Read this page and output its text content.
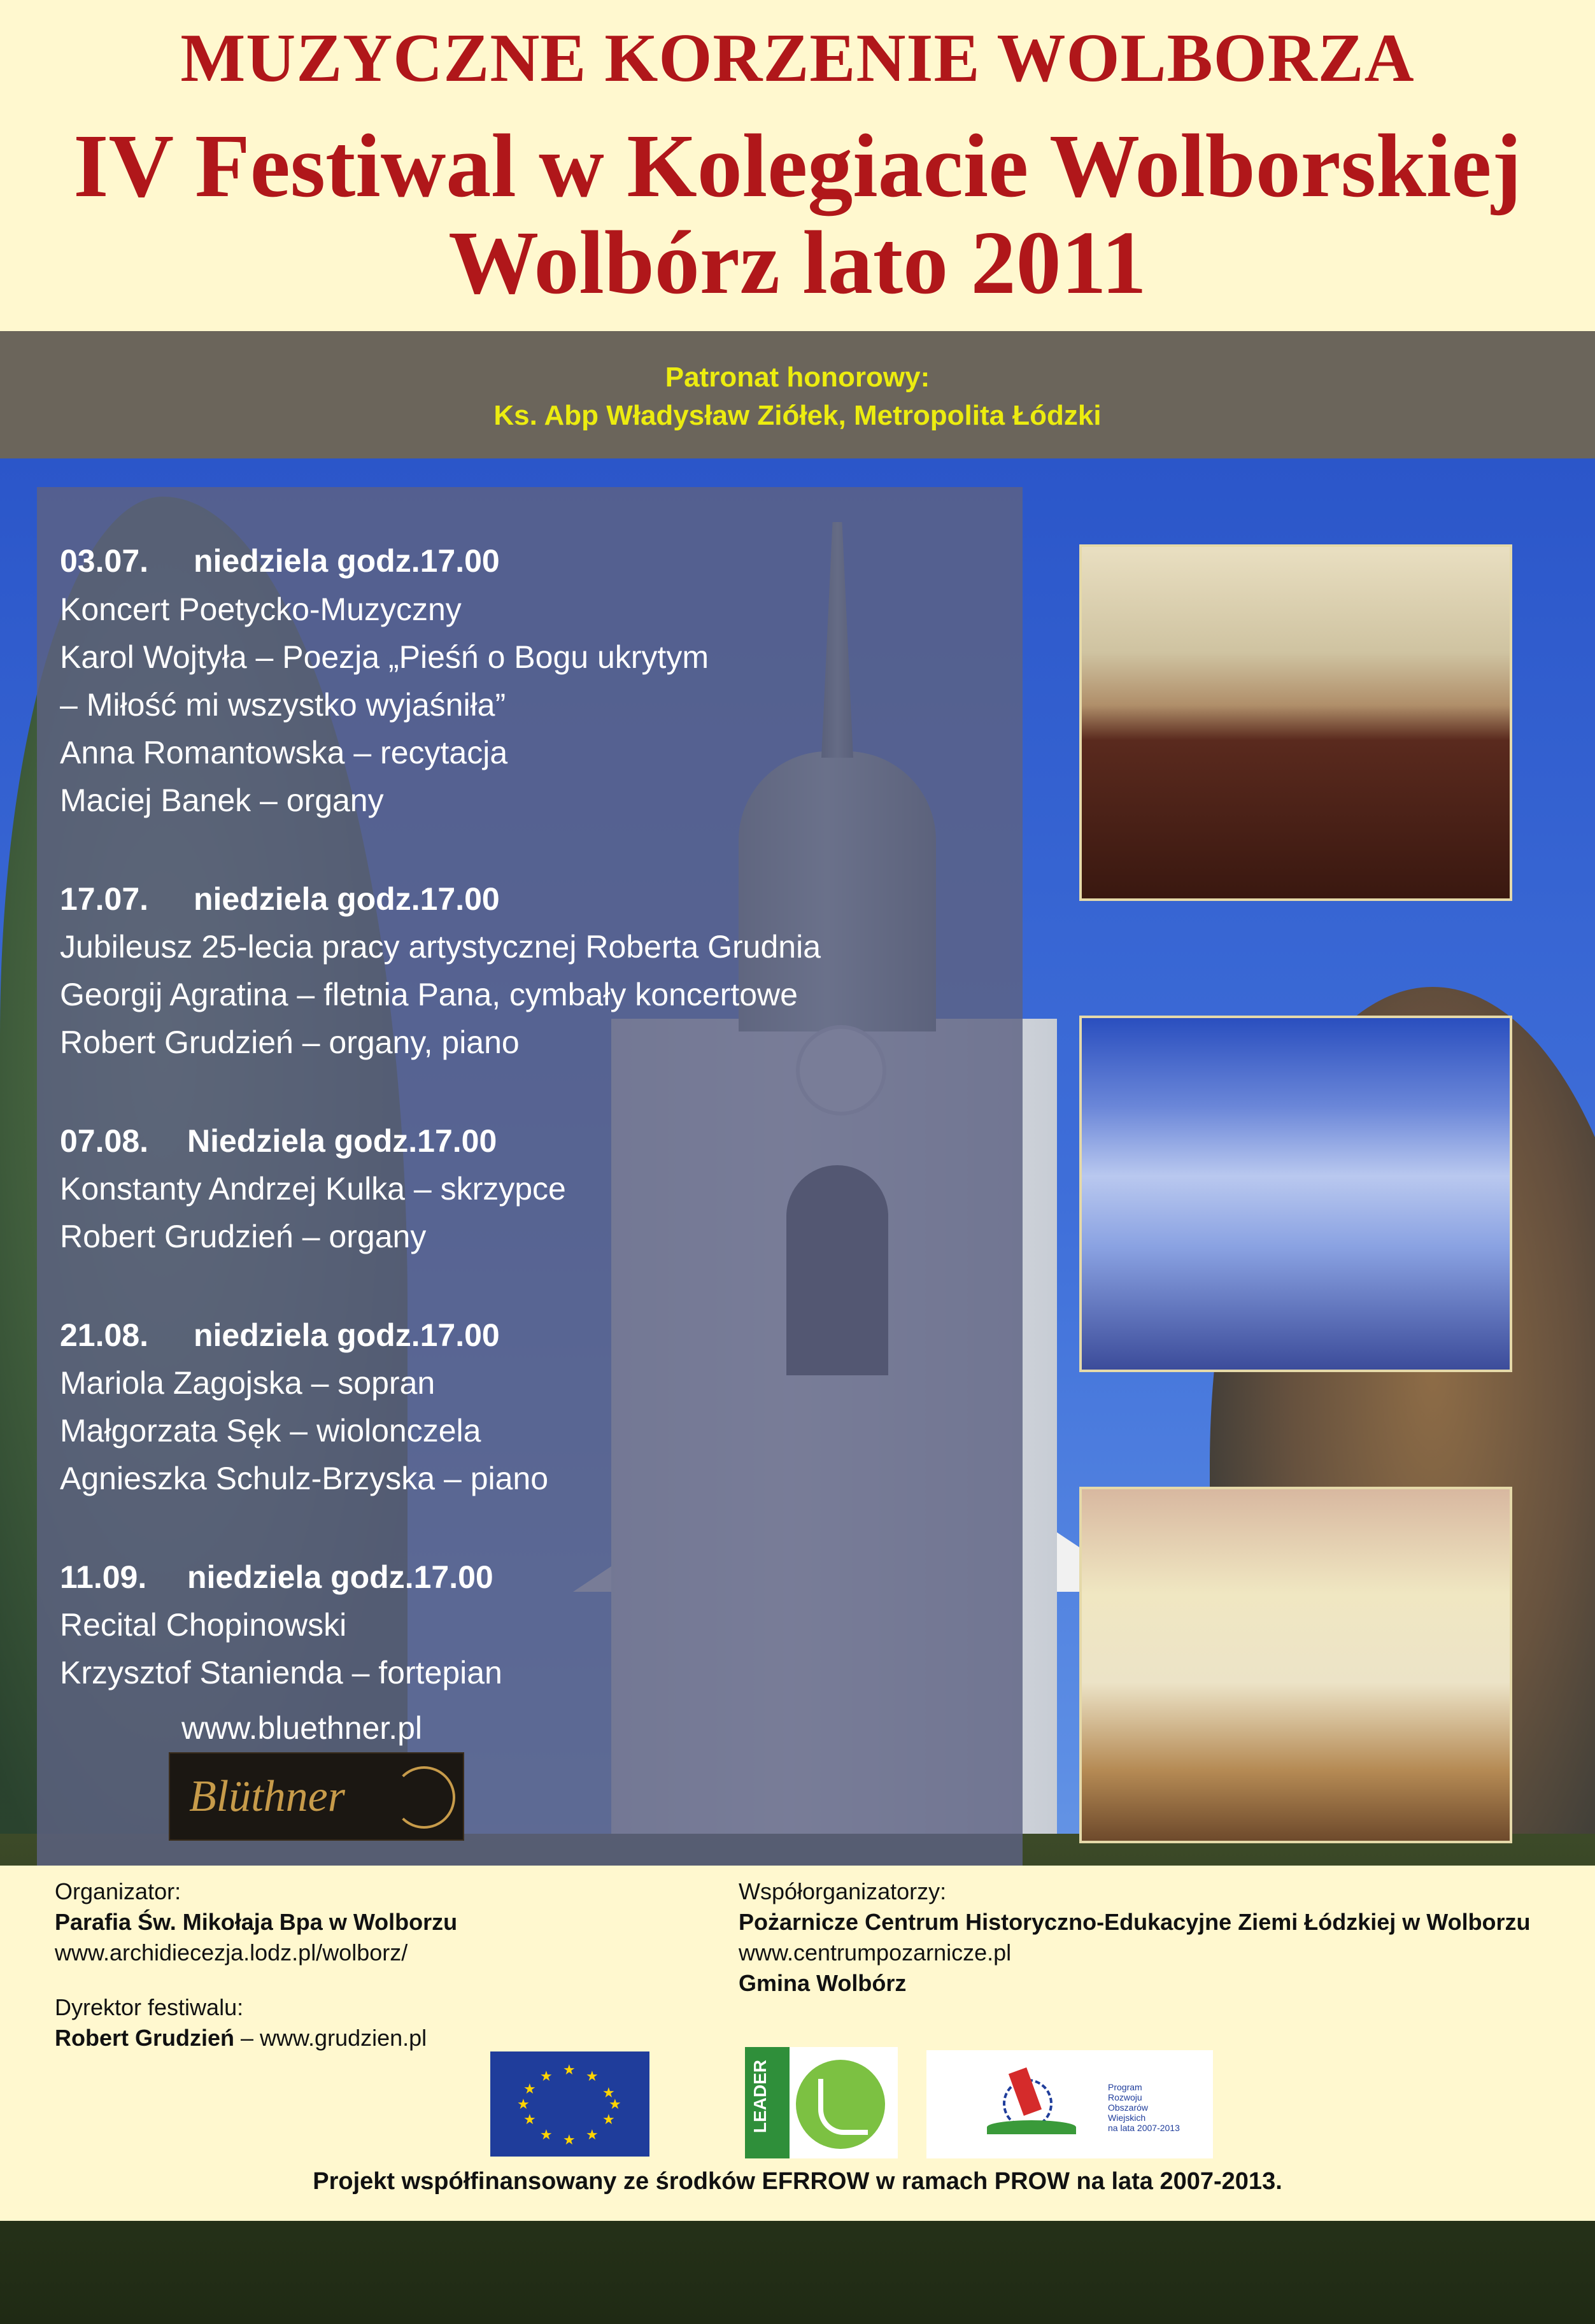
MUZYCZNE KORZENIE WOLBORZA
IV Festiwal w Kolegiacie Wolborskiej
Wolbórz lato 2011
Patronat honorowy:
Ks. Abp Władysław Ziółek, Metropolita Łódzki
03.07. niedziela godz.17.00
Koncert Poetycko-Muzyczny
Karol Wojtyła – Poezja „Pieśń o Bogu ukrytym
– Miłość mi wszystko wyjaśniła”
Anna Romantowska – recytacja
Maciej Banek – organy
17.07. niedziela godz.17.00
Jubileusz 25-lecia pracy artystycznej Roberta Grudnia
Georgij Agratina – fletnia Pana, cymbały koncertowe
Robert Grudzień – organy, piano
07.08. Niedziela godz.17.00
Konstanty Andrzej Kulka – skrzypce
Robert Grudzień – organy
21.08. niedziela godz.17.00
Mariola Zagojska – sopran
Małgorzata Sęk – wiolonczela
Agnieszka Schulz-Brzyska – piano
11.09. niedziela godz.17.00
Recital Chopinowski
Krzysztof Stanienda – fortepian
www.bluethner.pl
Blüthner
Organizator:
Parafia Św. Mikołaja Bpa w Wolborzu
www.archidiecezja.lodz.pl/wolborz/
Dyrektor festiwalu:
Robert Grudzień – www.grudzien.pl
Współorganizatorzy:
Pożarnicze Centrum Historyczno-Edukacyjne Ziemi Łódzkiej w Wolborzu
www.centrumpozarnicze.pl
Gmina Wolbórz
★ ★
★
★
★
★
★
★
★
★
★
★	LEADER	Program
Rozwoju
Obszarów
Wiejskich
na lata 2007-2013
Projekt współfinansowany ze środków EFRROW w ramach PROW na lata 2007-2013.
